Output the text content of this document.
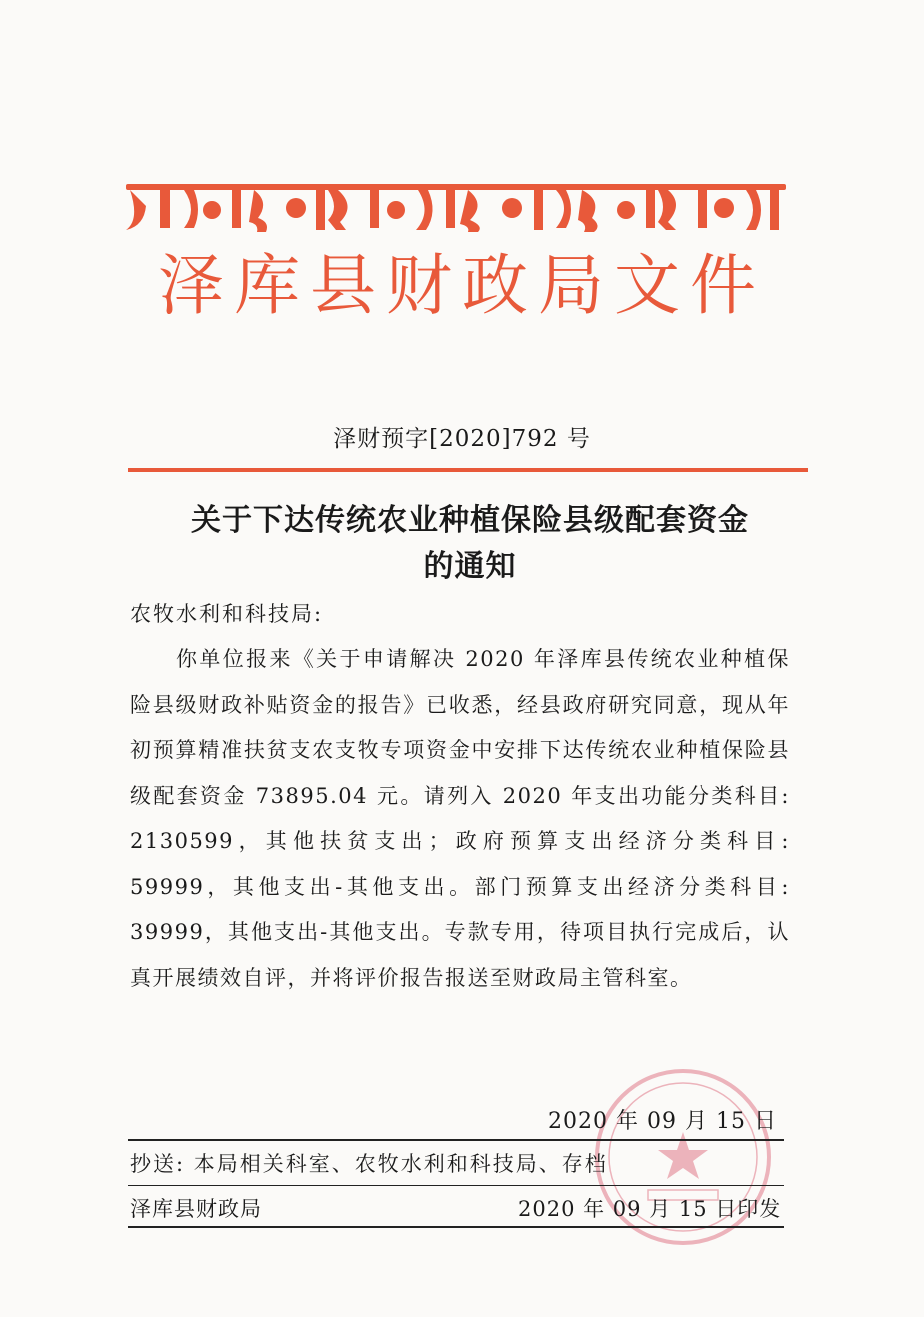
泽库县财政局文件
泽财预字[2020]792 号
关于下达传统农业种植保险县级配套资金
的通知
农牧水利和科技局:
你单位报来《关于申请解决 2020 年泽库县传统农业种植保险县级财政补贴资金的报告》已收悉，经县政府研究同意，现从年初预算精准扶贫支农支牧专项资金中安排下达传统农业种植保险县级配套资金 73895.04 元。请列入 2020 年支出功能分类科目: 2130599，其他扶贫支出；政府预算支出经济分类科目: 59999，其他支出-其他支出。部门预算支出经济分类科目: 39999，其他支出-其他支出。专款专用，待项目执行完成后，认真开展绩效自评，并将评价报告报送至财政局主管科室。
2020 年 09 月 15 日
抄送: 本局相关科室、农牧水利和科技局、存档
泽库县财政局	2020 年 09 月 15 日印发
